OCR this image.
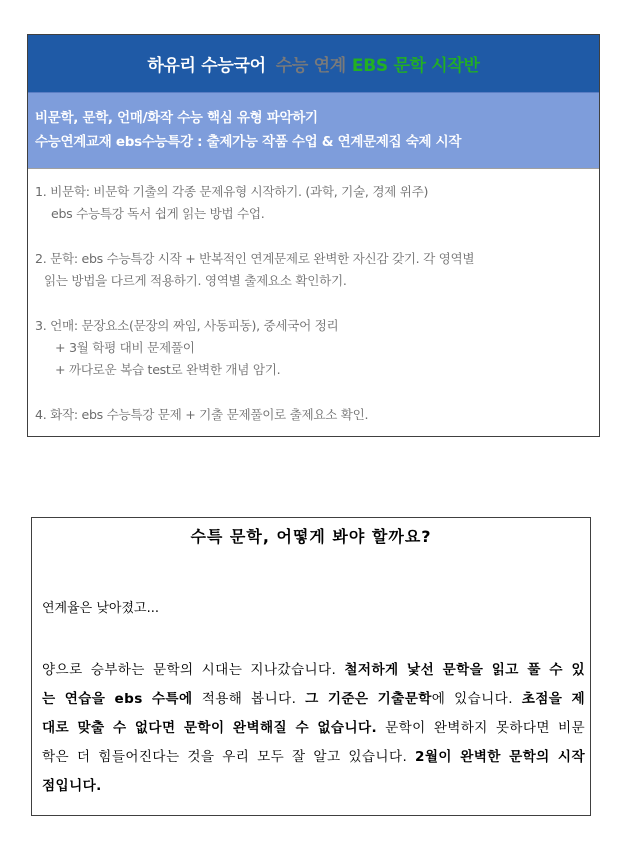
하유리 수능국어 수능 연계 EBS 문학 시작반
비문학, 문학, 언매/화작 수능 핵심 유형 파악하기
수능연계교재 ebs수능특강 : 출제가능 작품 수업 & 연계문제집 숙제 시작
1. 비문학: 비문학 기출의 각종 문제유형 시작하기. (과학, 기술, 경제 위주)
ebs 수능특강 독서 쉽게 읽는 방법 수업.
2. 문학: ebs 수능특강 시작 + 반복적인 연계문제로 완벽한 자신감 갖기. 각 영역별
읽는 방법을 다르게 적용하기. 영역별 출제요소 확인하기.
3. 언매: 문장요소(문장의 짜임, 사동피동), 중세국어 정리
+ 3월 학평 대비 문제풀이
+ 까다로운 복습 test로 완벽한 개념 암기.
4. 화작: ebs 수능특강 문제 + 기출 문제풀이로 출제요소 확인.
수특 문학, 어떻게 봐야 할까요?
연계율은 낮아졌고...
양으로 승부하는 문학의 시대는 지나갔습니다. 철저하게 낯선 문학을 읽고 풀 수 있는 연습을 ebs 수특에 적용해 봅니다. 그 기준은 기출문학에 있습니다. 초점을 제대로 맞출 수 없다면 문학이 완벽해질 수 없습니다. 문학이 완벽하지 못하다면 비문학은 더 힘들어진다는 것을 우리 모두 잘 알고 있습니다. 2월이 완벽한 문학의 시작점입니다.
